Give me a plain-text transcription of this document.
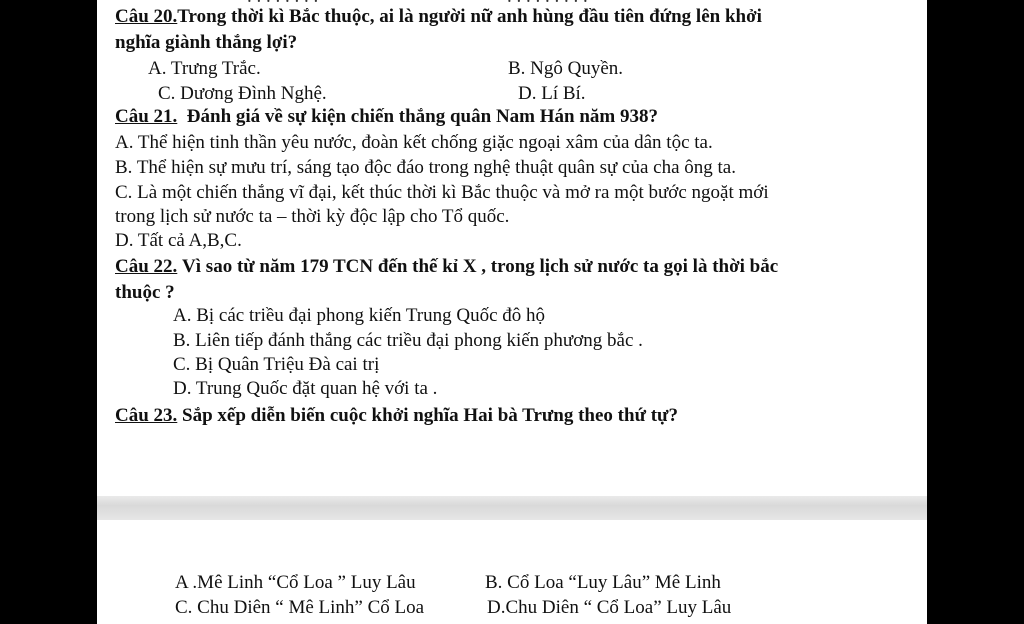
Câu 20.Trong thời kì Bắc thuộc, ai là người nữ anh hùng đầu tiên đứng lên khởi
nghĩa giành thắng lợi?
A. Trưng Trắc.	B. Ngô Quyền.
C. Dương Đình Nghệ.	D. Lí Bí.
Câu 21. Đánh giá về sự kiện chiến thắng quân Nam Hán năm 938?
A. Thể hiện tinh thần yêu nước, đoàn kết chống giặc ngoại xâm của dân tộc ta.
B. Thể hiện sự mưu trí, sáng tạo độc đáo trong nghệ thuật quân sự của cha ông ta.
C. Là một chiến thắng vĩ đại, kết thúc thời kì Bắc thuộc và mở ra một bước ngoặt mới
trong lịch sử nước ta – thời kỳ độc lập cho Tổ quốc.
D. Tất cả A,B,C.
Câu 22. Vì sao từ năm 179 TCN đến thế kỉ X , trong lịch sử nước ta gọi là thời bắc
thuộc ?
A. Bị các triều đại phong kiến Trung Quốc đô hộ
B. Liên tiếp đánh thắng các triều đại phong kiến phương bắc .
C. Bị Quân Triệu Đà cai trị
D. Trung Quốc đặt quan hệ với ta .
Câu 23. Sắp xếp diễn biến cuộc khởi nghĩa Hai bà Trưng theo thứ tự?
A .Mê Linh “Cổ Loa ” Luy Lâu	B. Cổ Loa “Luy Lâu” Mê Linh
C. Chu Diên “ Mê Linh” Cổ Loa	D.Chu Diên “ Cổ Loa” Luy Lâu
